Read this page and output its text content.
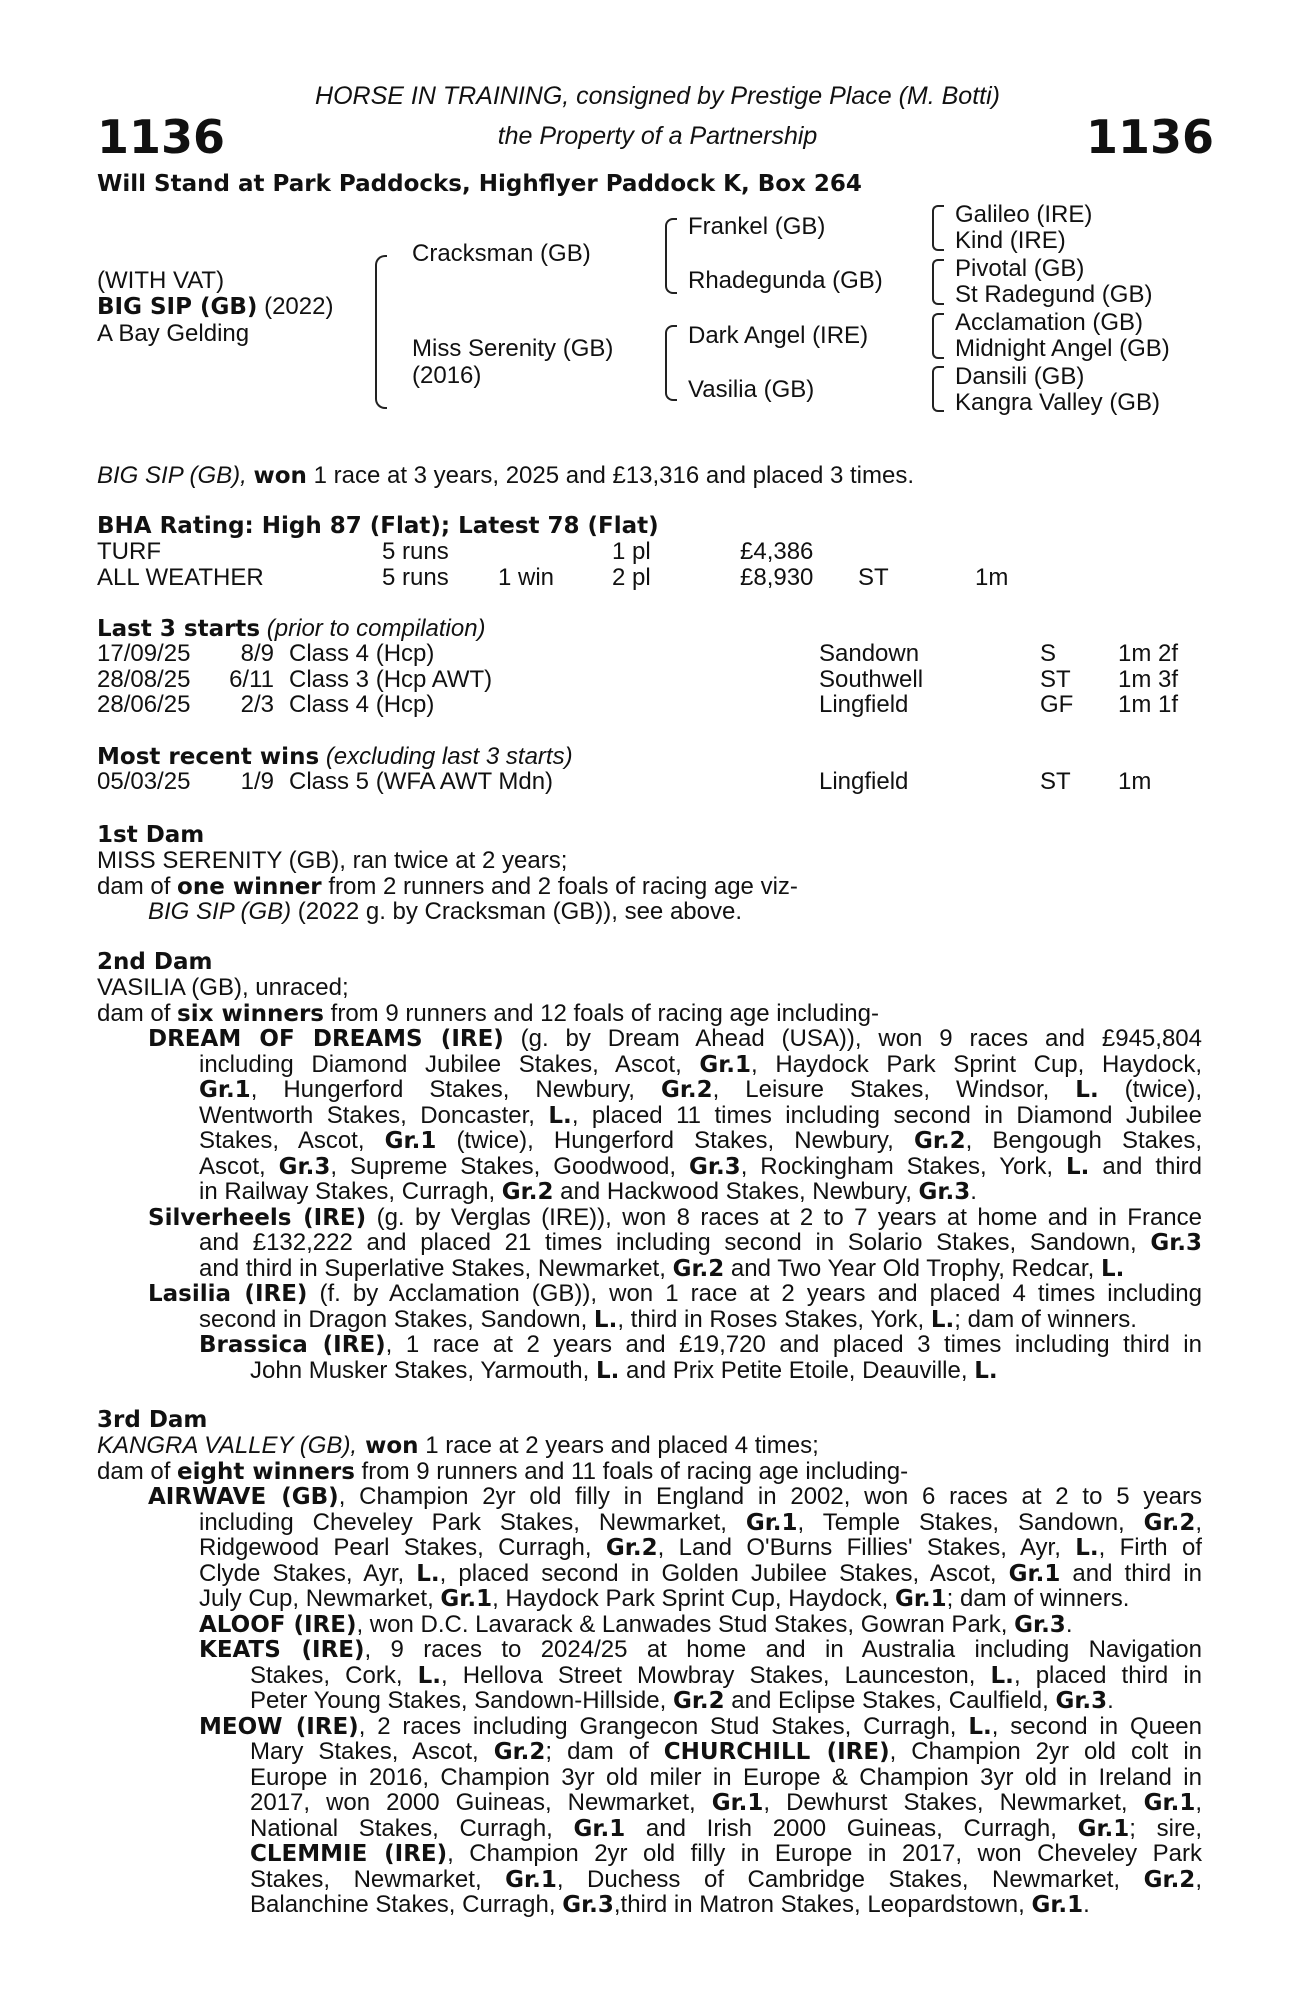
1136	1136
HORSE IN TRAINING, consigned by Prestige Place (M. Botti)
the Property of a Partnership
Will Stand at Park Paddocks, Highflyer Paddock K, Box 264
(WITH VAT)
BIG SIP (GB) (2022)
A Bay Gelding
Cracksman (GB)
Miss Serenity (GB)
(2016)
Frankel (GB)
Rhadegunda (GB)
Dark Angel (IRE)
Vasilia (GB)
Galileo (IRE)
Kind (IRE)
Pivotal (GB)
St Radegund (GB)
Acclamation (GB)
Midnight Angel (GB)
Dansili (GB)
Kangra Valley (GB)
BIG SIP (GB), won 1 race at 3 years, 2025 and £13,316 and placed 3 times.
BHA Rating: High 87 (Flat); Latest 78 (Flat)
TURF	5 runs	1 pl	£4,386
ALL WEATHER	5 runs 1 win 2 pl	£8,930 ST	1m
Last 3 starts (prior to compilation)
17/09/25	8/9 Class 4 (Hcp)	Sandown	S	1m 2f
28/08/25	6/11 Class 3 (Hcp AWT)	Southwell	ST 1m 3f
28/06/25	2/3 Class 4 (Hcp)	Lingfield	GF 1m 1f
Most recent wins (excluding last 3 starts)
05/03/25	1/9 Class 5 (WFA AWT Mdn)	Lingfield	ST 1m
1st Dam
MISS SERENITY (GB), ran twice at 2 years;
dam of one winner from 2 runners and 2 foals of racing age viz-
BIG SIP (GB) (2022 g. by Cracksman (GB)), see above.
2nd Dam
VASILIA (GB), unraced;
dam of six winners from 9 runners and 12 foals of racing age including-
DREAM OF DREAMS (IRE) (g. by Dream Ahead (USA)), won 9 races and £945,804
including Diamond Jubilee Stakes, Ascot, Gr.1, Haydock Park Sprint Cup, Haydock,
Gr.1, Hungerford Stakes, Newbury, Gr.2, Leisure Stakes, Windsor, L. (twice),
Wentworth Stakes, Doncaster, L., placed 11 times including second in Diamond Jubilee
Stakes, Ascot, Gr.1 (twice), Hungerford Stakes, Newbury, Gr.2, Bengough Stakes,
Ascot, Gr.3, Supreme Stakes, Goodwood, Gr.3, Rockingham Stakes, York, L. and third
in Railway Stakes, Curragh, Gr.2 and Hackwood Stakes, Newbury, Gr.3.
Silverheels (IRE) (g. by Verglas (IRE)), won 8 races at 2 to 7 years at home and in France
and £132,222 and placed 21 times including second in Solario Stakes, Sandown, Gr.3
and third in Superlative Stakes, Newmarket, Gr.2 and Two Year Old Trophy, Redcar, L.
Lasilia (IRE) (f. by Acclamation (GB)), won 1 race at 2 years and placed 4 times including
second in Dragon Stakes, Sandown, L., third in Roses Stakes, York, L.; dam of winners.
Brassica (IRE), 1 race at 2 years and £19,720 and placed 3 times including third in
John Musker Stakes, Yarmouth, L. and Prix Petite Etoile, Deauville, L.
3rd Dam
KANGRA VALLEY (GB), won 1 race at 2 years and placed 4 times;
dam of eight winners from 9 runners and 11 foals of racing age including-
AIRWAVE (GB), Champion 2yr old filly in England in 2002, won 6 races at 2 to 5 years
including Cheveley Park Stakes, Newmarket, Gr.1, Temple Stakes, Sandown, Gr.2,
Ridgewood Pearl Stakes, Curragh, Gr.2, Land O'Burns Fillies' Stakes, Ayr, L., Firth of
Clyde Stakes, Ayr, L., placed second in Golden Jubilee Stakes, Ascot, Gr.1 and third in
July Cup, Newmarket, Gr.1, Haydock Park Sprint Cup, Haydock, Gr.1; dam of winners.
ALOOF (IRE), won D.C. Lavarack & Lanwades Stud Stakes, Gowran Park, Gr.3.
KEATS (IRE), 9 races to 2024/25 at home and in Australia including Navigation
Stakes, Cork, L., Hellova Street Mowbray Stakes, Launceston, L., placed third in
Peter Young Stakes, Sandown-Hillside, Gr.2 and Eclipse Stakes, Caulfield, Gr.3.
MEOW (IRE), 2 races including Grangecon Stud Stakes, Curragh, L., second in Queen
Mary Stakes, Ascot, Gr.2; dam of CHURCHILL (IRE), Champion 2yr old colt in
Europe in 2016, Champion 3yr old miler in Europe & Champion 3yr old in Ireland in
2017, won 2000 Guineas, Newmarket, Gr.1, Dewhurst Stakes, Newmarket, Gr.1,
National Stakes, Curragh, Gr.1 and Irish 2000 Guineas, Curragh, Gr.1; sire,
CLEMMIE (IRE), Champion 2yr old filly in Europe in 2017, won Cheveley Park
Stakes, Newmarket, Gr.1, Duchess of Cambridge Stakes, Newmarket, Gr.2,
Balanchine Stakes, Curragh, Gr.3,third in Matron Stakes, Leopardstown, Gr.1.
